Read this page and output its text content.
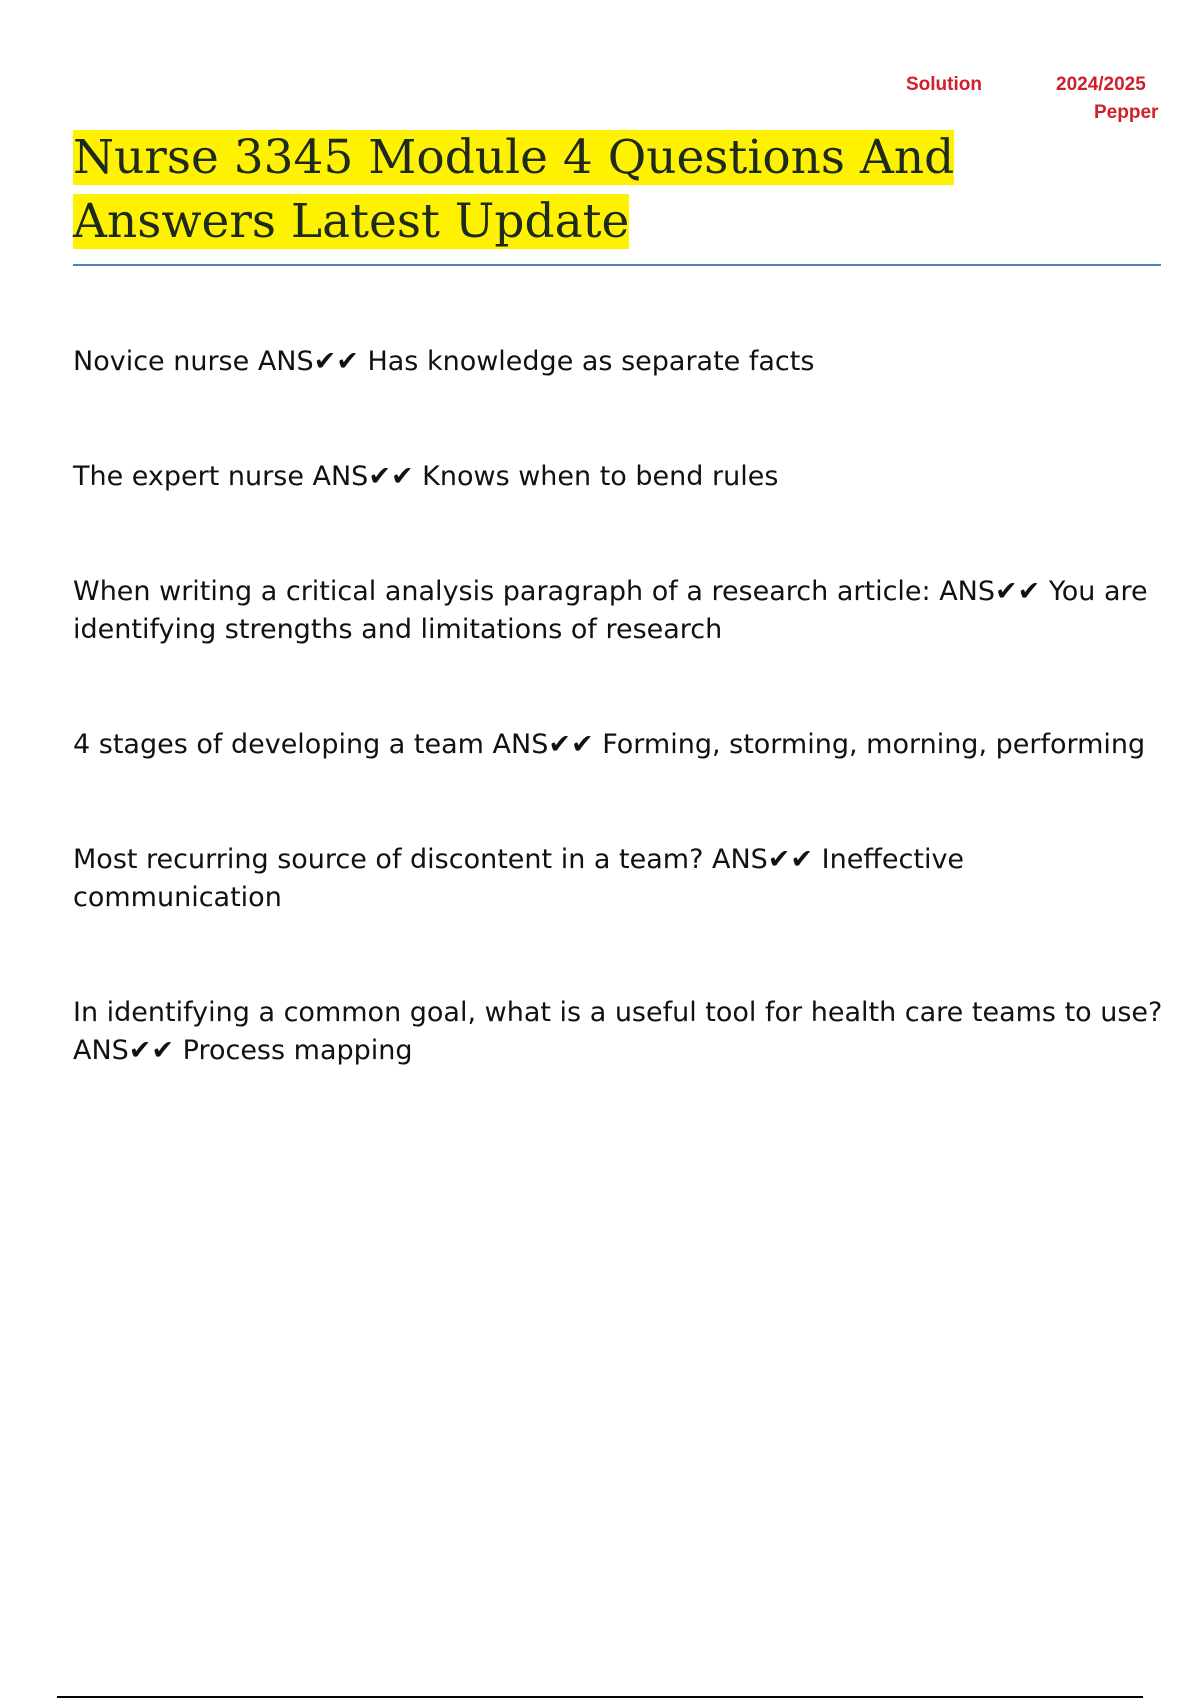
Solution	2024/2025
Pepper
Nurse 3345 Module 4 Questions And Answers Latest Update

Novice nurse ANS✔✔ Has knowledge as separate facts

The expert nurse ANS✔✔ Knows when to bend rules

When writing a critical analysis paragraph of a research article: ANS✔✔ You are identifying strengths and limitations of research

4 stages of developing a team ANS✔✔ Forming, storming, morning, performing

Most recurring source of discontent in a team? ANS✔✔ Ineffective communication

In identifying a common goal, what is a useful tool for health care teams to use? ANS✔✔ Process mapping
